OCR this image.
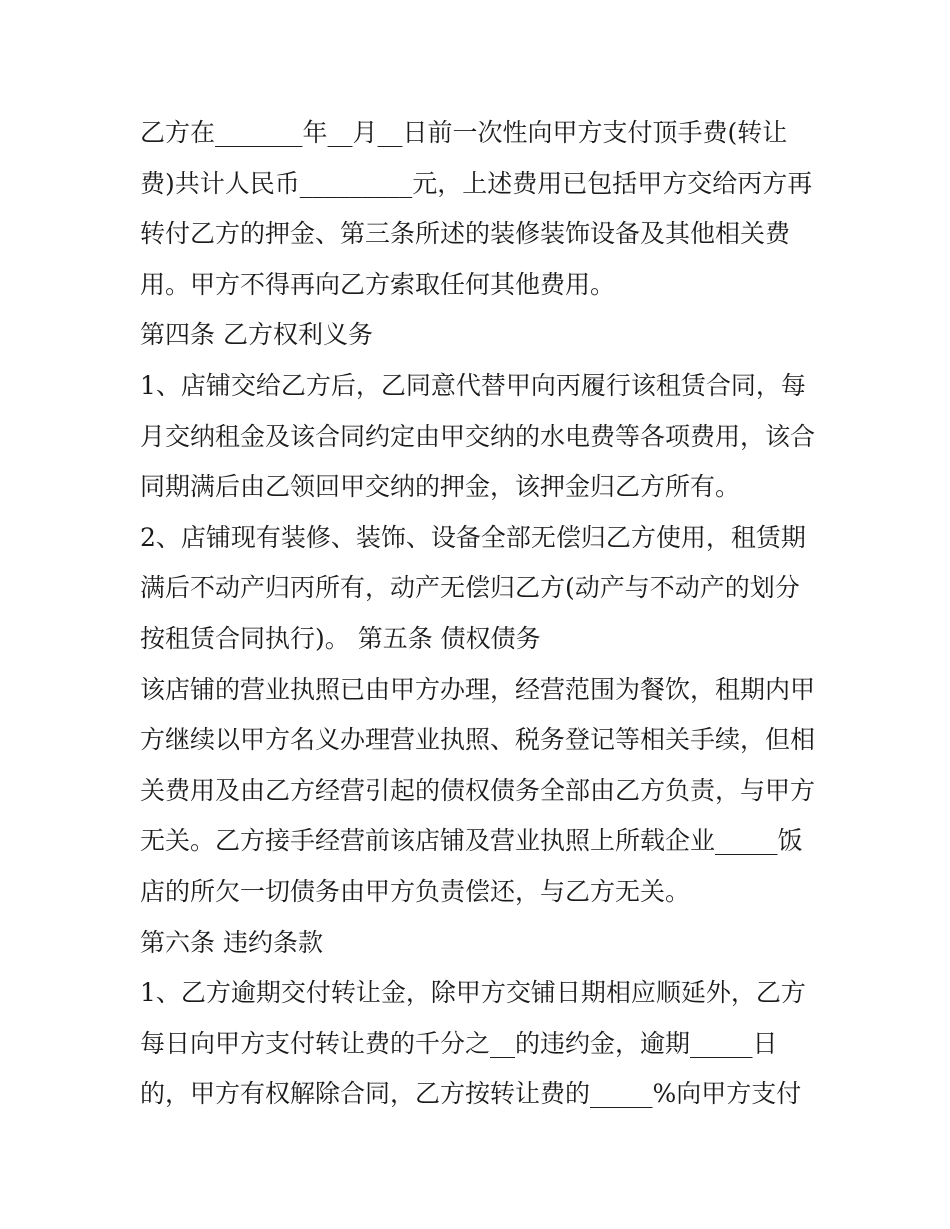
乙方在_______年__月__日前一次性向甲方支付顶手费(转让
费)共计人民币_________元，上述费用已包括甲方交给丙方再
转付乙方的押金、第三条所述的装修装饰设备及其他相关费
用。甲方不得再向乙方索取任何其他费用。
第四条 乙方权利义务
1、店铺交给乙方后，乙同意代替甲向丙履行该租赁合同，每
月交纳租金及该合同约定由甲交纳的水电费等各项费用，该合
同期满后由乙领回甲交纳的押金，该押金归乙方所有。
2、店铺现有装修、装饰、设备全部无偿归乙方使用，租赁期
满后不动产归丙所有，动产无偿归乙方(动产与不动产的划分
按租赁合同执行)。 第五条 债权债务
该店铺的营业执照已由甲方办理，经营范围为餐饮，租期内甲
方继续以甲方名义办理营业执照、税务登记等相关手续，但相
关费用及由乙方经营引起的债权债务全部由乙方负责，与甲方
无关。乙方接手经营前该店铺及营业执照上所载企业_____饭
店的所欠一切债务由甲方负责偿还，与乙方无关。
第六条 违约条款
1、乙方逾期交付转让金，除甲方交铺日期相应顺延外，乙方
每日向甲方支付转让费的千分之__的违约金，逾期_____日
的，甲方有权解除合同，乙方按转让费的_____%向甲方支付
